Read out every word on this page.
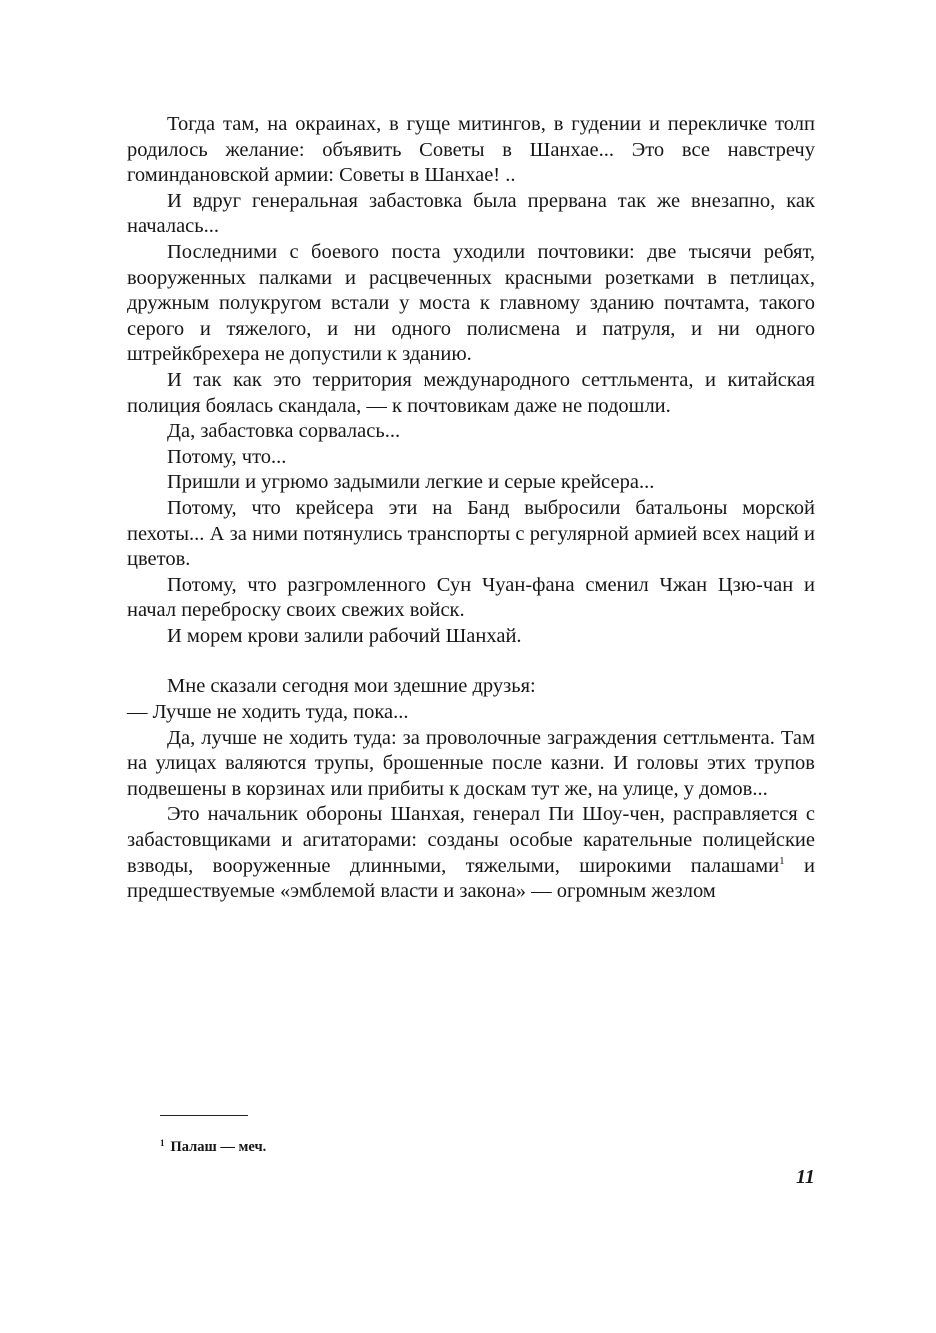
Тогда там, на окраинах, в гуще митингов, в гудении и перекличке толп родилось желание: объявить Советы в Шанхае... Это все навстречу гоминдановской армии: Советы в Шанхае! ..

И вдруг генеральная забастовка была прервана так же внезапно, как началась...

Последними с боевого поста уходили почтовики: две тысячи ребят, вооруженных палками и расцвеченных красными розетками в петлицах, дружным полукругом встали у моста к главному зданию почтамта, такого серого и тяжелого, и ни одного полисмена и патруля, и ни одного штрейкбрехера не допустили к зданию.

И так как это территория международного сеттльмента, и китайская полиция боялась скандала, — к почтовикам даже не подошли.

Да, забастовка сорвалась...

Потому, что...

Пришли и угрюмо задымили легкие и серые крейсера...

Потому, что крейсера эти на Банд выбросили батальоны морской пехоты... А за ними потянулись транспорты с регулярной армией всех наций и цветов.

Потому, что разгромленного Сун Чуан-фана сменил Чжан Цзю-чан и начал переброску своих свежих войск.

И морем крови залили рабочий Шанхай.

Мне сказали сегодня мои здешние друзья:

— Лучше не ходить туда, пока...

Да, лучше не ходить туда: за проволочные заграждения сеттльмента. Там на улицах валяются трупы, брошенные после казни. И головы этих трупов подвешены в корзинах или прибиты к доскам тут же, на улице, у домов...

Это начальник обороны Шанхая, генерал Пи Шоу-чен, расправляется с забастовщиками и агитаторами: созданы особые карательные полицейские взводы, вооруженные длинными, тяжелыми, широкими палашами$^1$ и предшествуемые «эмблемой власти и закона» — огромным жезлом

$^1$ Палаш — меч.
11
